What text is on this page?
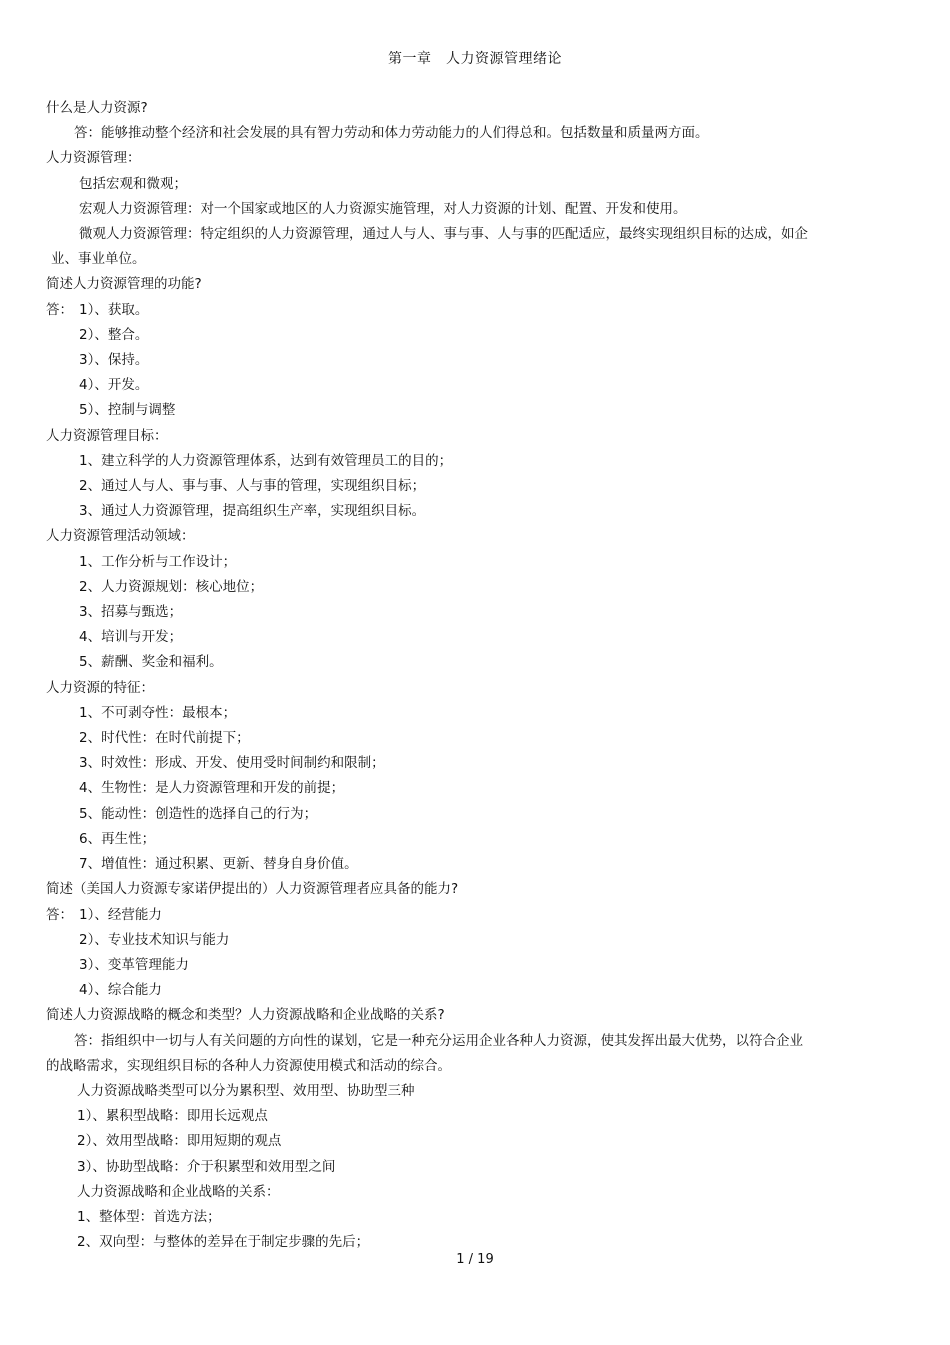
第一章　人力资源管理绪论
什么是人力资源?
答：能够推动整个经济和社会发展的具有智力劳动和体力劳动能力的人们得总和。包括数量和质量两方面。
人力资源管理：
包括宏观和微观；
宏观人力资源管理：对一个国家或地区的人力资源实施管理，对人力资源的计划、配置、开发和使用。
微观人力资源管理：特定组织的人力资源管理，通过人与人、事与事、人与事的匹配适应，最终实现组织目标的达成，如企业、事业单位。
简述人力资源管理的功能?
答： 1）、获取。
2）、整合。
3）、保持。
4）、开发。
5）、控制与调整
人力资源管理目标：
1、建立科学的人力资源管理体系，达到有效管理员工的目的；
2、通过人与人、事与事、人与事的管理，实现组织目标；
3、通过人力资源管理，提高组织生产率，实现组织目标。
人力资源管理活动领域：
1、工作分析与工作设计；
2、人力资源规划：核心地位；
3、招募与甄选；
4、培训与开发；
5、薪酬、奖金和福利。
人力资源的特征：
1、不可剥夺性：最根本；
2、时代性：在时代前提下；
3、时效性：形成、开发、使用受时间制约和限制；
4、生物性：是人力资源管理和开发的前提；
5、能动性：创造性的选择自己的行为；
6、再生性；
7、增值性：通过积累、更新、替身自身价值。
简述（美国人力资源专家诺伊提出的）人力资源管理者应具备的能力?
答： 1）、经营能力
2）、专业技术知识与能力
3）、变革管理能力
4）、综合能力
简述人力资源战略的概念和类型？人力资源战略和企业战略的关系?
答：指组织中一切与人有关问题的方向性的谋划，它是一种充分运用企业各种人力资源，使其发挥出最大优势，以符合企业的战略需求，实现组织目标的各种人力资源使用模式和活动的综合。
人力资源战略类型可以分为累积型、效用型、协助型三种
1）、累积型战略：即用长远观点
2）、效用型战略：即用短期的观点
3）、协助型战略：介于积累型和效用型之间
人力资源战略和企业战略的关系：
1、整体型：首选方法；
2、双向型：与整体的差异在于制定步骤的先后；
1 / 19
